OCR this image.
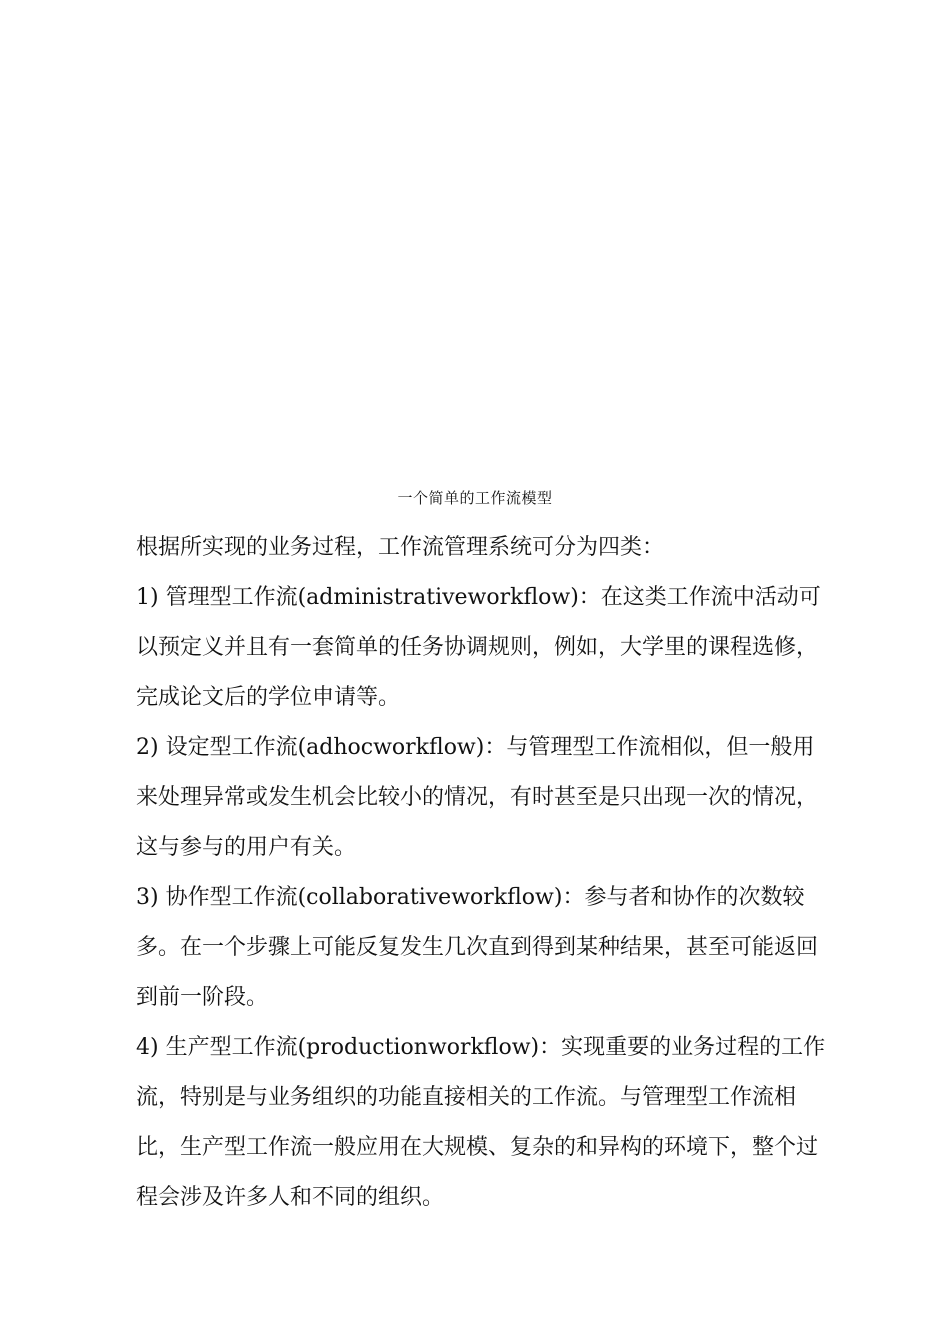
一个简单的工作流模型

根据所实现的业务过程，工作流管理系统可分为四类：

1) 管理型工作流(administrativeworkflow)：在这类工作流中活动可以预定义并且有一套简单的任务协调规则，例如，大学里的课程选修，完成论文后的学位申请等。

2) 设定型工作流(adhocworkflow)：与管理型工作流相似，但一般用来处理异常或发生机会比较小的情况，有时甚至是只出现一次的情况，这与参与的用户有关。

3) 协作型工作流(collaborativeworkflow)：参与者和协作的次数较多。在一个步骤上可能反复发生几次直到得到某种结果，甚至可能返回到前一阶段。

4) 生产型工作流(productionworkflow)：实现重要的业务过程的工作流，特别是与业务组织的功能直接相关的工作流。与管理型工作流相比，生产型工作流一般应用在大规模、复杂的和异构的环境下，整个过程会涉及许多人和不同的组织。
